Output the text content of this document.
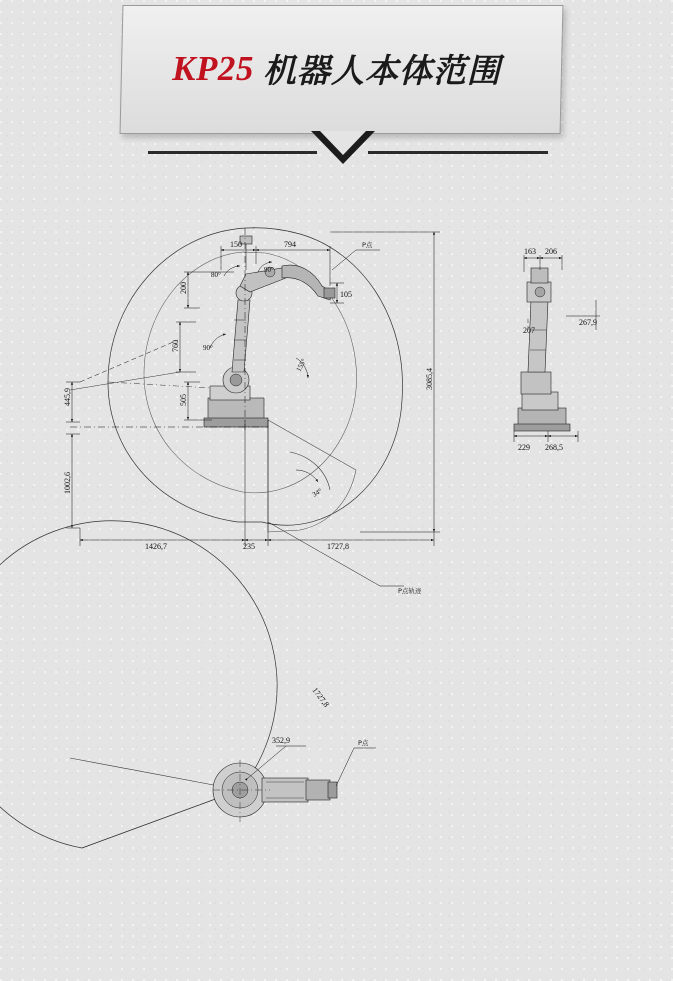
KP25 机器人本体范围
150	794
200
760
505
105
3085,4
445,9
1002,6
1426,7	235	1727,8
80°
90°
90°
155°
34°
P点
P点轨迹
1727,8
163 206
207
267,9
229 268,5
352,9	P点
